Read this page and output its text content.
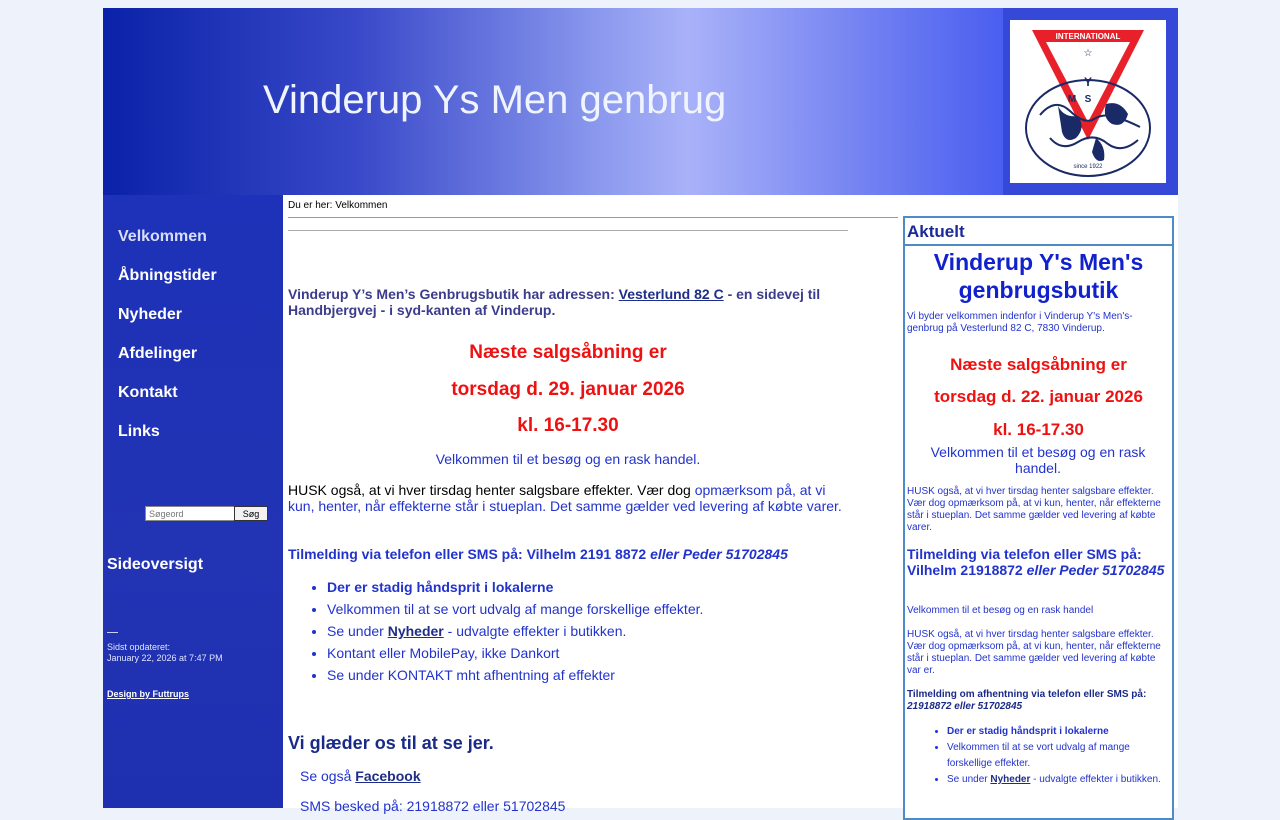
Vinderup Ys Men genbrug
INTERNATIONAL
Y
S
M
☆
since 1922
Velkommen
Åbningstider
Nyheder
Afdelinger
Kontakt
Links
Søgeord
Søg
Sideoversigt
Sidst opdateret:
January 22, 2026 at 7:47 PM
Design by Futtrups
Du er her: Velkommen
Vinderup Y’s Men’s Genbrugsbutik har adressen: Vesterlund 82 C - en sidevej til Handbjergvej - i syd-kanten af Vinderup.
Næste salgsåbning er
torsdag d. 29. januar 2026
kl. 16-17.30
Velkommen til et besøg og en rask handel.
HUSK også, at vi hver tirsdag henter salgsbare effekter. Vær dog opmærksom på, at vi kun, henter, når effekterne står i stueplan. Det samme gælder ved levering af købte varer.
Tilmelding via telefon eller SMS på: Vilhelm 2191 8872 eller Peder 51702845
• Der er stadig håndsprit i lokalerne
• Velkommen til at se vort udvalg af mange forskellige effekter.
• Se under Nyheder - udvalgte effekter i butikken.
• Kontant eller MobilePay, ikke Dankort
• Se under KONTAKT mht afhentning af effekter
Vi glæder os til at se jer.
Se også Facebook
SMS besked på: 21918872 eller 51702845
Aktuelt
Vinderup Y's Men's genbrugsbutik
Vi byder velkommen indenfor i Vinderup Y's Men's-genbrug på Vesterlund 82 C, 7830 Vinderup.
Næste salgsåbning er
torsdag d. 22. januar 2026
kl. 16-17.30
Velkommen til et besøg og en rask handel.
HUSK også, at vi hver tirsdag henter salgsbare effekter. Vær dog opmærksom på, at vi kun, henter, når effekterne står i stueplan. Det samme gælder ved levering af købte varer.
Tilmelding via telefon eller SMS på: Vilhelm 21918872 eller Peder 51702845
Velkommen til et besøg og en rask handel
HUSK også, at vi hver tirsdag henter salgsbare effekter. Vær dog opmærksom på, at vi kun, henter, når effekterne står i stueplan. Det samme gælder ved levering af købte var er.
Tilmelding om afhentning via telefon eller SMS på: 21918872 eller 51702845
• Der er stadig håndsprit i lokalerne
• Velkommen til at se vort udvalg af mange forskellige effekter.
• Se under Nyheder - udvalgte effekter i butikken.
